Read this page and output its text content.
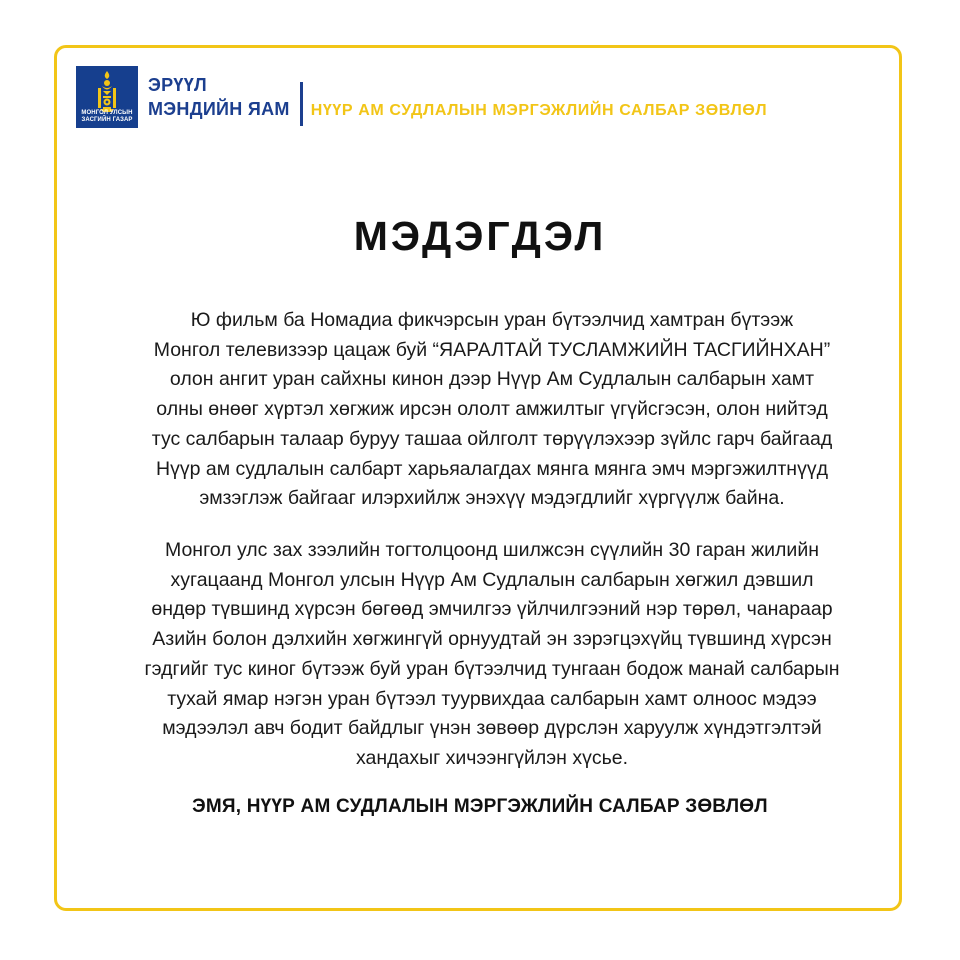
МОНГОЛ УЛСЫН
ЗАСГИЙН ГАЗАР
ЭРҮҮЛ
МЭНДИЙН ЯАМ НҮҮР АМ СУДЛАЛЫН МЭРГЭЖЛИЙН САЛБАР ЗӨВЛӨЛ
МЭДЭГДЭЛ
Ю фильм ба Номадиа фикчэрсын уран бүтээлчид хамтран бүтээж
Монгол телевизээр цацаж буй “ЯАРАЛТАЙ ТУСЛАМЖИЙН ТАСГИЙНХАН”
олон ангит уран сайхны кинон дээр Нүүр Ам Судлалын салбарын хамт
олны өнөөг хүртэл хөгжиж ирсэн ололт амжилтыг үгүйсгэсэн, олон нийтэд
тус салбарын талаар буруу ташаа ойлголт төрүүлэхээр зүйлс гарч байгаад
Нүүр ам судлалын салбарт харьяалагдах мянга мянга эмч мэргэжилтнүүд
эмзэглэж байгааг илэрхийлж энэхүү мэдэгдлийг хүргүүлж байна.
Монгол улс зах зээлийн тогтолцоонд шилжсэн сүүлийн 30 гаран жилийн
хугацаанд Монгол улсын Нүүр Ам Судлалын салбарын хөгжил дэвшил
өндөр түвшинд хүрсэн бөгөөд эмчилгээ үйлчилгээний нэр төрөл, чанараар
Азийн болон дэлхийн хөгжингүй орнуудтай эн зэрэгцэхүйц түвшинд хүрсэн
гэдгийг тус киног бүтээж буй уран бүтээлчид тунгаан бодож манай салбарын
тухай ямар нэгэн уран бүтээл туурвихдаа салбарын хамт олноос мэдээ
мэдээлэл авч бодит байдлыг үнэн зөвөөр дүрслэн харуулж хүндэтгэлтэй
хандахыг хичээнгүйлэн хүсье.
ЭМЯ, НҮҮР АМ СУДЛАЛЫН МЭРГЭЖЛИЙН САЛБАР ЗӨВЛӨЛ
